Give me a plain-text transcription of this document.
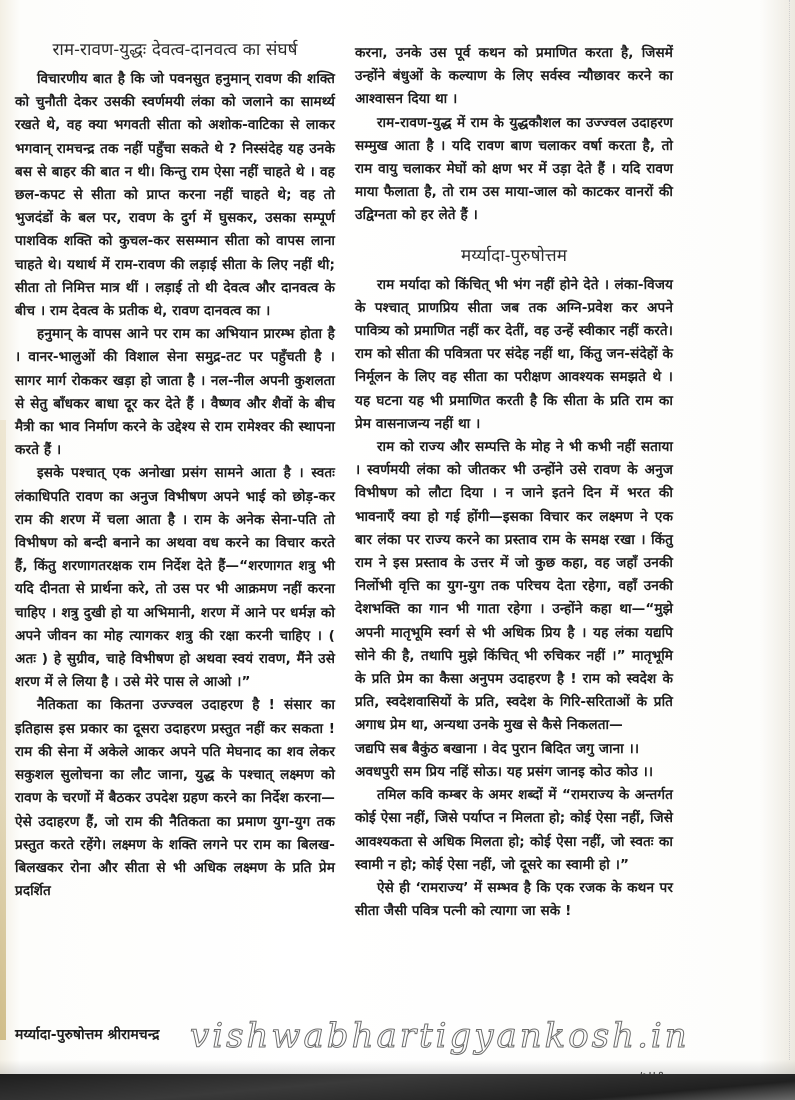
राम-रावण-युद्धः देवत्व-दानवत्व का संघर्ष

विचारणीय बात है कि जो पवनसुत हनुमान् रावण की शक्ति को चुनौती देकर उसकी स्वर्णमयी लंका को जलाने का सामर्थ्य रखते थे, वह क्या भगवती सीता को अशोक-वाटिका से लाकर भगवान् रामचन्द्र तक नहीं पहुँचा सकते थे ? निस्संदेह यह उनके बस से बाहर की बात न थी। किन्तु राम ऐसा नहीं चाहते थे । वह छल-कपट से सीता को प्राप्त करना नहीं चाहते थे; वह तो भुजदंडों के बल पर, रावण के दुर्ग में घुसकर, उसका सम्पूर्ण पाशविक शक्ति को कुचल-कर ससम्मान सीता को वापस लाना चाहते थे। यथार्थ में राम-रावण की लड़ाई सीता के लिए नहीं थी; सीता तो निमित्त मात्र थीं । लड़ाई तो थी देवत्व और दानवत्व के बीच । राम देवत्व के प्रतीक थे, रावण दानवत्व का ।

हनुमान् के वापस आने पर राम का अभियान प्रारम्भ होता है । वानर-भालुओं की विशाल सेना समुद्र-तट पर पहुँचती है । सागर मार्ग रोककर खड़ा हो जाता है । नल-नील अपनी कुशलता से सेतु बाँधकर बाधा दूर कर देते हैं । वैष्णव और शैवों के बीच मैत्री का भाव निर्माण करने के उद्देश्य से राम रामेश्वर की स्थापना करते हैं ।

इसके पश्चात् एक अनोखा प्रसंग सामने आता है । स्वतः लंकाधिपति रावण का अनुज विभीषण अपने भाई को छोड़-कर राम की शरण में चला आता है । राम के अनेक सेना-पति तो विभीषण को बन्दी बनाने का अथवा वध करने का विचार करते हैं, किंतु शरणागतरक्षक राम निर्देश देते हैं—“शरणागत शत्रु भी यदि दीनता से प्रार्थना करे, तो उस पर भी आक्रमण नहीं करना चाहिए । शत्रु दुखी हो या अभिमानी, शरण में आने पर धर्मज्ञ को अपने जीवन का मोह त्यागकर शत्रु की रक्षा करनी चाहिए । ( अतः ) हे सुग्रीव, चाहे विभीषण हो अथवा स्वयं रावण, मैंने उसे शरण में ले लिया है । उसे मेरे पास ले आओ ।”

नैतिकता का कितना उज्ज्वल उदाहरण है ! संसार का इतिहास इस प्रकार का दूसरा उदाहरण प्रस्तुत नहीं कर सकता ! राम की सेना में अकेले आकर अपने पति मेघनाद का शव लेकर सकुशल सुलोचना का लौट जाना, युद्ध के पश्चात् लक्ष्मण को रावण के चरणों में बैठकर उपदेश ग्रहण करने का निर्देश करना—ऐसे उदाहरण हैं, जो राम की नैतिकता का प्रमाण युग-युग तक प्रस्तुत करते रहेंगे। लक्ष्मण के शक्ति लगने पर राम का बिलख-बिलखकर रोना और सीता से भी अधिक लक्ष्मण के प्रति प्रेम प्रदर्शित

करना, उनके उस पूर्व कथन को प्रमाणित करता है, जिसमें उन्होंने बंधुओं के कल्याण के लिए सर्वस्व न्यौछावर करने का आश्वासन दिया था ।

राम-रावण-युद्ध में राम के युद्धकौशल का उज्ज्वल उदाहरण सम्मुख आता है । यदि रावण बाण चलाकर वर्षा करता है, तो राम वायु चलाकर मेघों को क्षण भर में उड़ा देते हैं । यदि रावण माया फैलाता है, तो राम उस माया-जाल को काटकर वानरों की उद्विग्नता को हर लेते हैं ।

मर्य्यादा-पुरुषोत्तम

राम मर्यादा को किंचित् भी भंग नहीं होने देते । लंका-विजय के पश्चात् प्राणप्रिय सीता जब तक अग्नि-प्रवेश कर अपने पावित्र्य को प्रमाणित नहीं कर देतीं, वह उन्हें स्वीकार नहीं करते। राम को सीता की पवित्रता पर संदेह नहीं था, किंतु जन-संदेहों के निर्मूलन के लिए वह सीता का परीक्षण आवश्यक समझते थे । यह घटना यह भी प्रमाणित करती है कि सीता के प्रति राम का प्रेम वासनाजन्य नहीं था ।

राम को राज्य और सम्पत्ति के मोह ने भी कभी नहीं सताया । स्वर्णमयी लंका को जीतकर भी उन्होंने उसे रावण के अनुज विभीषण को लौटा दिया । न जाने इतने दिन में भरत की भावनाएँ क्या हो गई होंगी—इसका विचार कर लक्ष्मण ने एक बार लंका पर राज्य करने का प्रस्ताव राम के समक्ष रखा । किंतु राम ने इस प्रस्ताव के उत्तर में जो कुछ कहा, वह जहाँ उनकी निर्लोभी वृत्ति का युग-युग तक परिचय देता रहेगा, वहाँ उनकी देशभक्ति का गान भी गाता रहेगा । उन्होंने कहा था—“मुझे अपनी मातृभूमि स्वर्ग से भी अधिक प्रिय है । यह लंका यद्यपि सोने की है, तथापि मुझे किंचित् भी रुचिकर नहीं ।” मातृभूमि के प्रति प्रेम का कैसा अनुपम उदाहरण है ! राम को स्वदेश के प्रति, स्वदेशवासियों के प्रति, स्वदेश के गिरि-सरिताओं के प्रति अगाध प्रेम था, अन्यथा उनके मुख से कैसे निकलता—

जद्यपि सब बैकुंठ बखाना । वेद पुरान बिदित जगु जाना ।।
अवधपुरी सम प्रिय नहिं सोऊ। यह प्रसंग जानइ कोउ कोउ ।।

तमिल कवि कम्बर के अमर शब्दों में “रामराज्य के अन्तर्गत कोई ऐसा नहीं, जिसे पर्याप्त न मिलता हो; कोई ऐसा नहीं, जिसे आवश्यकता से अधिक मिलता हो; कोई ऐसा नहीं, जो स्वतः का स्वामी न हो; कोई ऐसा नहीं, जो दूसरे का स्वामी हो ।”

ऐसे ही ‘रामराज्य’ में सम्भव है कि एक रजक के कथन पर सीता जैसी पवित्र पत्नी को त्यागा जा सके !

मर्य्यादा-पुरुषोत्तम श्रीरामचन्द्र vishwabhartigyankosh.in
